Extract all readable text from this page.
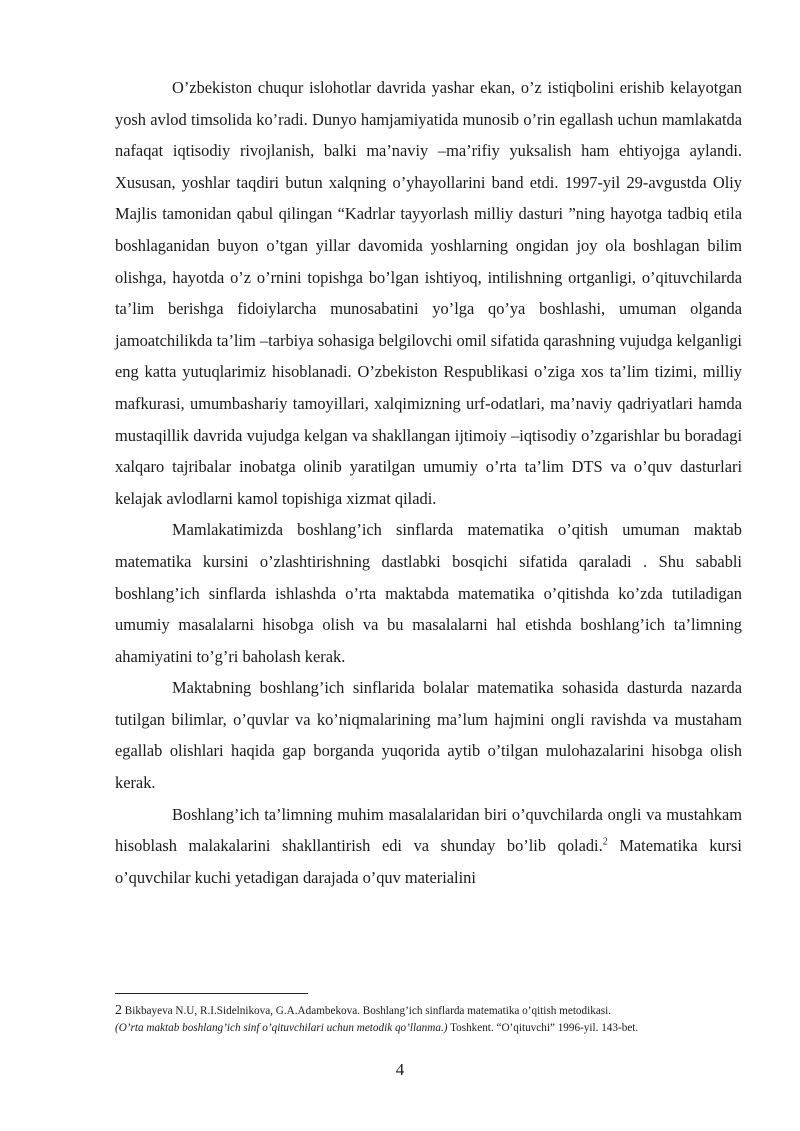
O’zbekiston chuqur islohotlar davrida yashar ekan, o’z istiqbolini erishib kelayotgan yosh avlod timsolida ko’radi. Dunyo hamjamiyatida munosib o’rin egallash uchun mamlakatda nafaqat iqtisodiy rivojlanish, balki ma’naviy –ma’rifiy yuksalish ham ehtiyojga aylandi. Xususan, yoshlar taqdiri butun xalqning o’yhayollarini band etdi. 1997-yil 29-avgustda Oliy Majlis tamonidan qabul qilingan “Kadrlar tayyorlash milliy dasturi ”ning hayotga tadbiq etila boshlaganidan buyon o’tgan yillar davomida yoshlarning ongidan joy ola boshlagan bilim olishga, hayotda o’z o’rnini topishga bo’lgan ishtiyoq, intilishning ortganligi, o’qituvchilarda ta’lim berishga fidoiylarcha munosabatini yo’lga qo’ya boshlashi, umuman olganda jamoatchilikda ta’lim –tarbiya sohasiga belgilovchi omil sifatida qarashning vujudga kelganligi eng katta yutuqlarimiz hisoblanadi. O’zbekiston Respublikasi o’ziga xos ta’lim tizimi, milliy mafkurasi, umumbashariy tamoyillari, xalqimizning urf-odatlari, ma’naviy qadriyatlari hamda mustaqillik davrida vujudga kelgan va shakllangan ijtimoiy –iqtisodiy o’zgarishlar bu boradagi xalqaro tajribalar inobatga olinib yaratilgan umumiy o’rta ta’lim DTS va o’quv dasturlari kelajak avlodlarni kamol topishiga xizmat qiladi.

Mamlakatimizda boshlang’ich sinflarda matematika o’qitish umuman maktab matematika kursini o’zlashtirishning dastlabki bosqichi sifatida qaraladi . Shu sababli boshlang’ich sinflarda ishlashda o’rta maktabda matematika o’qitishda ko’zda tutiladigan umumiy masalalarni hisobga olish va bu masalalarni hal etishda boshlang’ich ta’limning ahamiyatini to’g’ri baholash kerak.

Maktabning boshlang’ich sinflarida bolalar matematika sohasida dasturda nazarda tutilgan bilimlar, o’quvlar va ko’niqmalarining ma’lum hajmini ongli ravishda va mustaham egallab olishlari haqida gap borganda yuqorida aytib o’tilgan mulohazalarini hisobga olish kerak.

Boshlang’ich ta’limning muhim masalalaridan biri o’quvchilarda ongli va mustahkam hisoblash malakalarini shakllantirish edi va shunday bo’lib qoladi.$^2$ Matematika kursi o’quvchilar kuchi yetadigan darajada o’quv materialini

2 Bikbayeva N.U, R.I.Sidelnikova, G.A.Adambekova. Boshlang’ich sinflarda matematika o’qitish metodikasi.
(O’rta maktab boshlang’ich sinf o’qituvchilari uchun metodik qo’llanma.) Toshkent. “O’qituvchi” 1996-yil. 143-bet.
4
